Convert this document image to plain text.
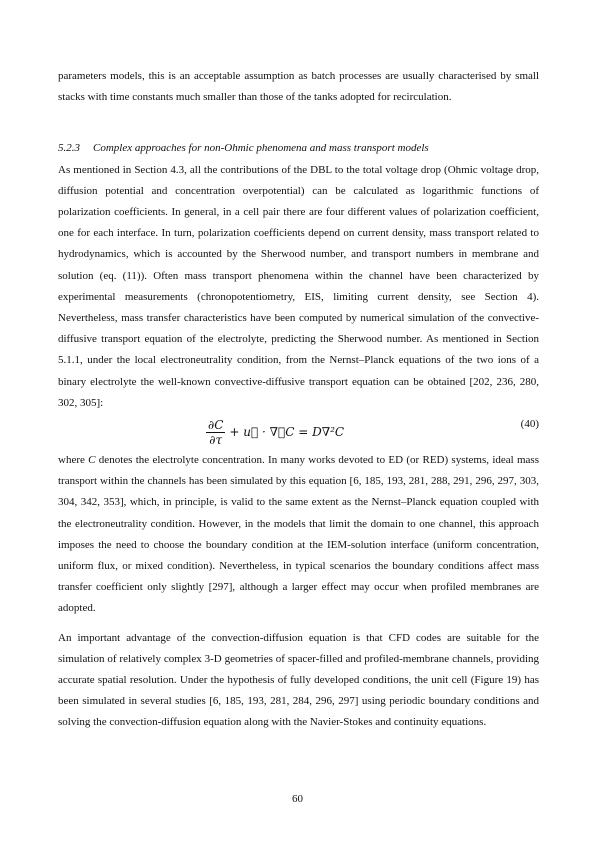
parameters models, this is an acceptable assumption as batch processes are usually characterised by small stacks with time constants much smaller than those of the tanks adopted for recirculation.

5.2.3 Complex approaches for non-Ohmic phenomena and mass transport models

As mentioned in Section 4.3, all the contributions of the DBL to the total voltage drop (Ohmic voltage drop, diffusion potential and concentration overpotential) can be calculated as logarithmic functions of polarization coefficients. In general, in a cell pair there are four different values of polarization coefficient, one for each interface. In turn, polarization coefficients depend on current density, mass transport related to hydrodynamics, which is accounted by the Sherwood number, and transport numbers in membrane and solution (eq. (11)). Often mass transport phenomena within the channel have been characterized by experimental measurements (chronopotentiometry, EIS, limiting current density, see Section 4). Nevertheless, mass transfer characteristics have been computed by numerical simulation of the convective-diffusive transport equation of the electrolyte, predicting the Sherwood number. As mentioned in Section 5.1.1, under the local electroneutrality condition, from the Nernst–Planck equations of the two ions of a binary electrolyte the well-known convective-diffusive transport equation can be obtained [202, 236, 280, 302, 305]:

$\frac{\partial C}{\partial\tau}$ + u⃗ · ∇⃗C = D∇²C
(40)

where C denotes the electrolyte concentration. In many works devoted to ED (or RED) systems, ideal mass transport within the channels has been simulated by this equation [6, 185, 193, 281, 288, 291, 296, 297, 303, 304, 342, 353], which, in principle, is valid to the same extent as the Nernst–Planck equation coupled with the electroneutrality condition. However, in the models that limit the domain to one channel, this approach imposes the need to choose the boundary condition at the IEM-solution interface (uniform concentration, uniform flux, or mixed condition). Nevertheless, in typical scenarios the boundary conditions affect mass transfer coefficient only slightly [297], although a larger effect may occur when profiled membranes are adopted.

An important advantage of the convection-diffusion equation is that CFD codes are suitable for the simulation of relatively complex 3-D geometries of spacer-filled and profiled-membrane channels, providing accurate spatial resolution. Under the hypothesis of fully developed conditions, the unit cell (Figure 19) has been simulated in several studies [6, 185, 193, 281, 284, 296, 297] using periodic boundary conditions and solving the convection-diffusion equation along with the Navier-Stokes and continuity equations.

60
